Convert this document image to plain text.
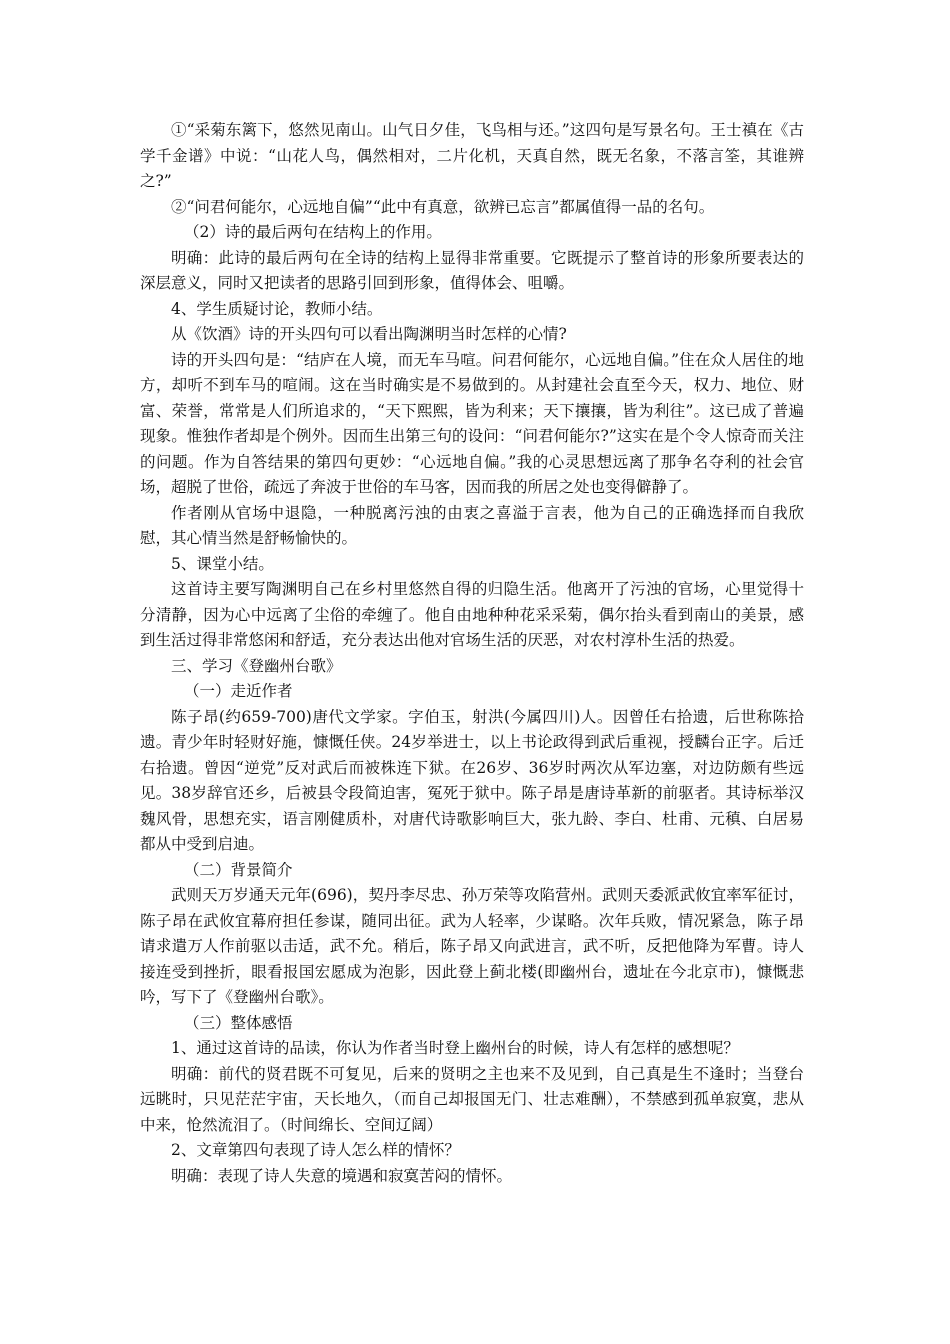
①“采菊东篱下，悠然见南山。山气日夕佳，飞鸟相与还。”这四句是写景名句。王士禛在《古学千金谱》中说：“山花人鸟，偶然相对，二片化机，天真自然，既无名象，不落言筌，其谁辨之?”

②“问君何能尔，心远地自偏”“此中有真意，欲辨已忘言”都属值得一品的名句。

（2）诗的最后两句在结构上的作用。

明确：此诗的最后两句在全诗的结构上显得非常重要。它既提示了整首诗的形象所要表达的深层意义，同时又把读者的思路引回到形象，值得体会、咀嚼。

4、学生质疑讨论，教师小结。

从《饮酒》诗的开头四句可以看出陶渊明当时怎样的心情?

诗的开头四句是：“结庐在人境，而无车马喧。问君何能尔，心远地自偏。”住在众人居住的地方，却听不到车马的喧闹。这在当时确实是不易做到的。从封建社会直至今天，权力、地位、财富、荣誉，常常是人们所追求的，“天下熙熙，皆为利来；天下攘攘，皆为利往”。这已成了普遍现象。惟独作者却是个例外。因而生出第三句的设问：“问君何能尔?”这实在是个令人惊奇而关注的问题。作为自答结果的第四句更妙：“心远地自偏。”我的心灵思想远离了那争名夺利的社会官场，超脱了世俗，疏远了奔波于世俗的车马客，因而我的所居之处也变得僻静了。

作者刚从官场中退隐，一种脱离污浊的由衷之喜溢于言表，他为自己的正确选择而自我欣慰，其心情当然是舒畅愉快的。

5、课堂小结。

这首诗主要写陶渊明自己在乡村里悠然自得的归隐生活。他离开了污浊的官场，心里觉得十分清静，因为心中远离了尘俗的牵缠了。他自由地种种花采采菊，偶尔抬头看到南山的美景，感到生活过得非常悠闲和舒适，充分表达出他对官场生活的厌恶，对农村淳朴生活的热爱。

三、学习《登幽州台歌》

（一）走近作者

陈子昂(约659-700)唐代文学家。字伯玉，射洪(今属四川)人。因曾任右拾遗，后世称陈拾遗。青少年时轻财好施，慷慨任侠。24岁举进士，以上书论政得到武后重视，授麟台正字。后迁右拾遗。曾因“逆党”反对武后而被株连下狱。在26岁、36岁时两次从军边塞，对边防颇有些远见。38岁辞官还乡，后被县令段简迫害，冤死于狱中。陈子昂是唐诗革新的前驱者。其诗标举汉魏风骨，思想充实，语言刚健质朴，对唐代诗歌影响巨大，张九龄、李白、杜甫、元稹、白居易都从中受到启迪。

（二）背景简介

武则天万岁通天元年(696)，契丹李尽忠、孙万荣等攻陷营州。武则天委派武攸宜率军征讨，陈子昂在武攸宜幕府担任参谋，随同出征。武为人轻率，少谋略。次年兵败，情况紧急，陈子昂请求遣万人作前驱以击适，武不允。稍后，陈子昂又向武进言，武不听，反把他降为军曹。诗人接连受到挫折，眼看报国宏愿成为泡影，因此登上蓟北楼(即幽州台，遗址在今北京市)，慷慨悲吟，写下了《登幽州台歌》。

（三）整体感悟

1、通过这首诗的品读，你认为作者当时登上幽州台的时候，诗人有怎样的感想呢？

明确：前代的贤君既不可复见，后来的贤明之主也来不及见到，自己真是生不逢时；当登台远眺时，只见茫茫宇宙，天长地久，（而自己却报国无门、壮志难酬），不禁感到孤单寂寞，悲从中来，怆然流泪了。（时间绵长、空间辽阔）

2、文章第四句表现了诗人怎么样的情怀？

明确：表现了诗人失意的境遇和寂寞苦闷的情怀。
